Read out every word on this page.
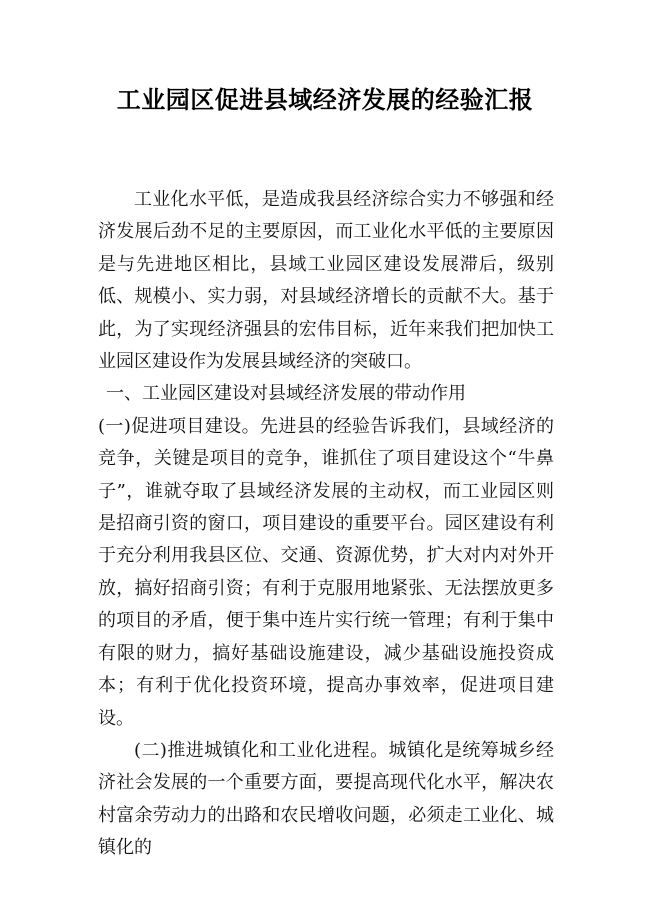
工业园区促进县域经济发展的经验汇报

工业化水平低，是造成我县经济综合实力不够强和经济发展后劲不足的主要原因，而工业化水平低的主要原因是与先进地区相比，县域工业园区建设发展滞后，级别低、规模小、实力弱，对县域经济增长的贡献不大。基于此，为了实现经济强县的宏伟目标，近年来我们把加快工业园区建设作为发展县域经济的突破口。

一、工业园区建设对县域经济发展的带动作用

(一)促进项目建设。先进县的经验告诉我们，县域经济的竞争，关键是项目的竞争，谁抓住了项目建设这个“牛鼻子”，谁就夺取了县域经济发展的主动权，而工业园区则是招商引资的窗口，项目建设的重要平台。园区建设有利于充分利用我县区位、交通、资源优势，扩大对内对外开放，搞好招商引资；有利于克服用地紧张、无法摆放更多的项目的矛盾，便于集中连片实行统一管理；有利于集中有限的财力，搞好基础设施建设，减少基础设施投资成本；有利于优化投资环境，提高办事效率，促进项目建设。

(二)推进城镇化和工业化进程。城镇化是统筹城乡经济社会发展的一个重要方面，要提高现代化水平，解决农村富余劳动力的出路和农民增收问题，必须走工业化、城镇化的
